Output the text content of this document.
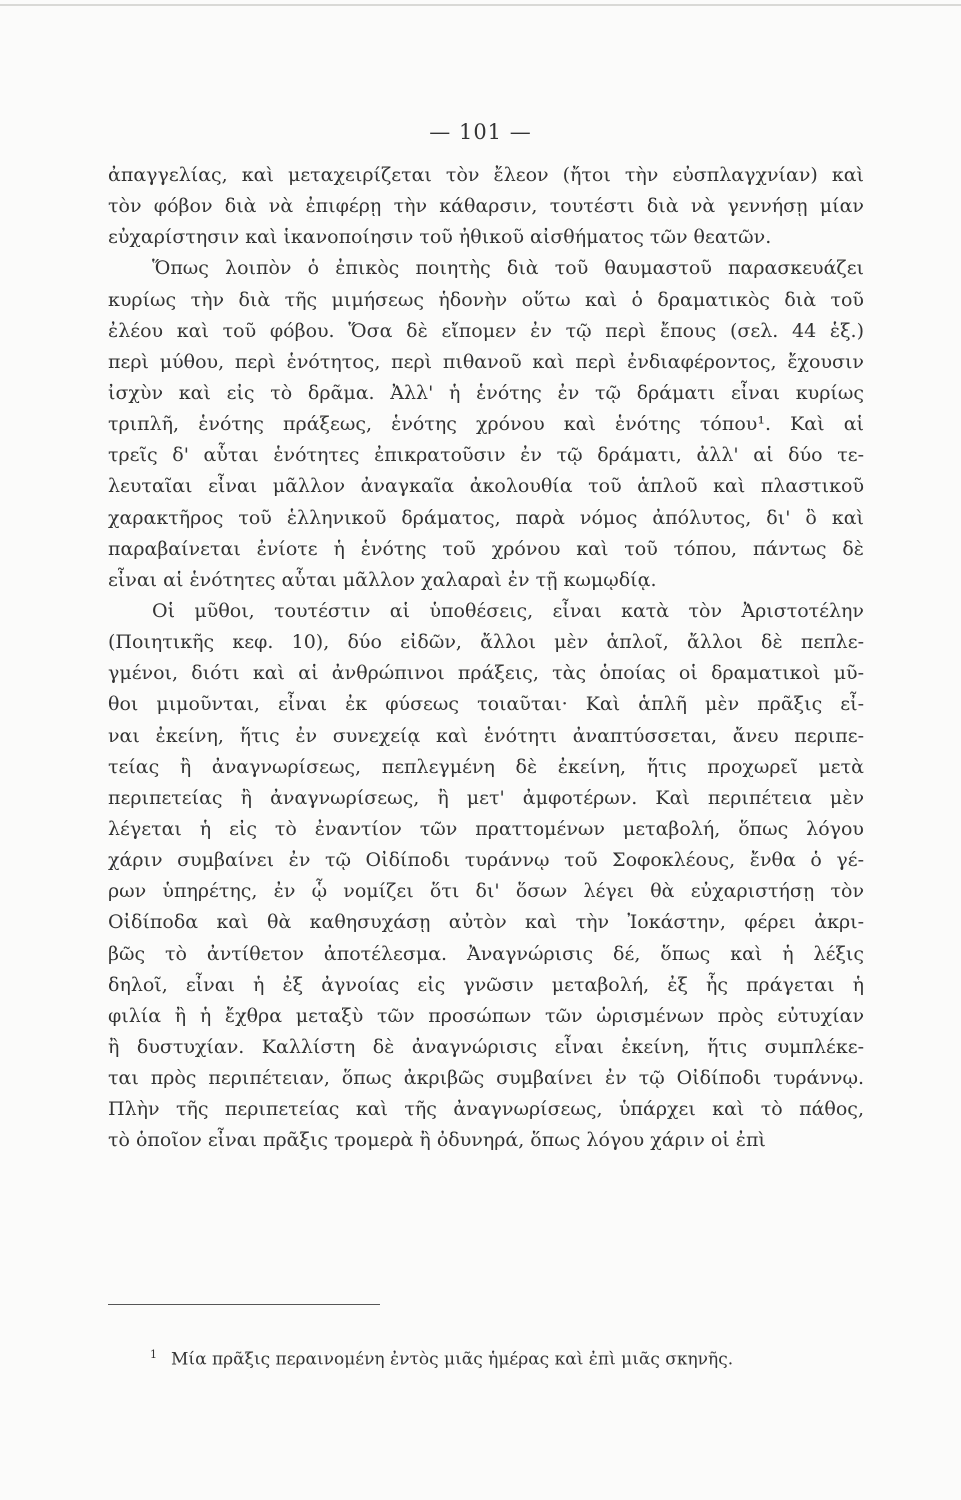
— 101 —
ἀπαγγελίας, καὶ μεταχειρίζεται τὸν ἔλεον (ἤτοι τὴν εὐσπλαγχνίαν) καὶ
τὸν φόβον διὰ νὰ ἐπιφέρῃ τὴν κάθαρσιν, τουτέστι διὰ νὰ γεννήσῃ μίαν
εὐχαρίστησιν καὶ ἱκανοποίησιν τοῦ ἠθικοῦ αἰσθήματος τῶν θεατῶν.
Ὅπως λοιπὸν ὁ ἐπικὸς ποιητὴς διὰ τοῦ θαυμαστοῦ παρασκευάζει
κυρίως τὴν διὰ τῆς μιμήσεως ἡδονὴν οὕτω καὶ ὁ δραματικὸς διὰ τοῦ
ἐλέου καὶ τοῦ φόβου. Ὅσα δὲ εἴπομεν ἐν τῷ περὶ ἔπους (σελ. 44 ἑξ.)
περὶ μύθου, περὶ ἑνότητος, περὶ πιθανοῦ καὶ περὶ ἐνδιαφέροντος, ἔχουσιν
ἰσχὺν καὶ εἰς τὸ δρᾶμα. Ἀλλ' ἡ ἑνότης ἐν τῷ δράματι εἶναι κυρίως
τριπλῆ, ἑνότης πράξεως, ἑνότης χρόνου καὶ ἑνότης τόπου¹. Καὶ αἱ
τρεῖς δ' αὗται ἑνότητες ἐπικρατοῦσιν ἐν τῷ δράματι, ἀλλ' αἱ δύο τε-
λευταῖαι εἶναι μᾶλλον ἀναγκαῖα ἀκολουθία τοῦ ἁπλοῦ καὶ πλαστικοῦ
χαρακτῆρος τοῦ ἑλληνικοῦ δράματος, παρὰ νόμος ἀπόλυτος, δι' ὃ καὶ
παραβαίνεται ἐνίοτε ἡ ἑνότης τοῦ χρόνου καὶ τοῦ τόπου, πάντως δὲ
εἶναι αἱ ἑνότητες αὗται μᾶλλον χαλαραὶ ἐν τῇ κωμῳδίᾳ.
Οἱ μῦθοι, τουτέστιν αἱ ὑποθέσεις, εἶναι κατὰ τὸν Ἀριστοτέλην
(Ποιητικῆς κεφ. 10), δύο εἰδῶν, ἄλλοι μὲν ἁπλοῖ, ἄλλοι δὲ πεπλε-
γμένοι, διότι καὶ αἱ ἀνθρώπινοι πράξεις, τὰς ὁποίας οἱ δραματικοὶ μῦ-
θοι μιμοῦνται, εἶναι ἐκ φύσεως τοιαῦται· Καὶ ἁπλῆ μὲν πρᾶξις εἶ-
ναι ἐκείνη, ἥτις ἐν συνεχείᾳ καὶ ἑνότητι ἀναπτύσσεται, ἄνευ περιπε-
τείας ἢ ἀναγνωρίσεως, πεπλεγμένη δὲ ἐκείνη, ἥτις προχωρεῖ μετὰ
περιπετείας ἢ ἀναγνωρίσεως, ἢ μετ' ἀμφοτέρων. Καὶ περιπέτεια μὲν
λέγεται ἡ εἰς τὸ ἐναντίον τῶν πραττομένων μεταβολή, ὅπως λόγου
χάριν συμβαίνει ἐν τῷ Οἰδίποδι τυράννῳ τοῦ Σοφοκλέους, ἔνθα ὁ γέ-
ρων ὑπηρέτης, ἐν ᾧ νομίζει ὅτι δι' ὅσων λέγει θὰ εὐχαριστήσῃ τὸν
Οἰδίποδα καὶ θὰ καθησυχάσῃ αὐτὸν καὶ τὴν Ἰοκάστην, φέρει ἀκρι-
βῶς τὸ ἀντίθετον ἀποτέλεσμα. Ἀναγνώρισις δέ, ὅπως καὶ ἡ λέξις
δηλοῖ, εἶναι ἡ ἐξ ἀγνοίας εἰς γνῶσιν μεταβολή, ἐξ ἧς πράγεται ἡ
φιλία ἢ ἡ ἔχθρα μεταξὺ τῶν προσώπων τῶν ὡρισμένων πρὸς εὐτυχίαν
ἢ δυστυχίαν. Καλλίστη δὲ ἀναγνώρισις εἶναι ἐκείνη, ἥτις συμπλέκε-
ται πρὸς περιπέτειαν, ὅπως ἀκριβῶς συμβαίνει ἐν τῷ Οἰδίποδι τυράννῳ.
Πλὴν τῆς περιπετείας καὶ τῆς ἀναγνωρίσεως, ὑπάρχει καὶ τὸ πάθος,
τὸ ὁποῖον εἶναι πρᾶξις τρομερὰ ἢ ὀδυνηρά, ὅπως λόγου χάριν οἱ ἐπὶ
$^1$ Μία πρᾶξις περαινομένη ἐντὸς μιᾶς ἡμέρας καὶ ἐπὶ μιᾶς σκηνῆς.
